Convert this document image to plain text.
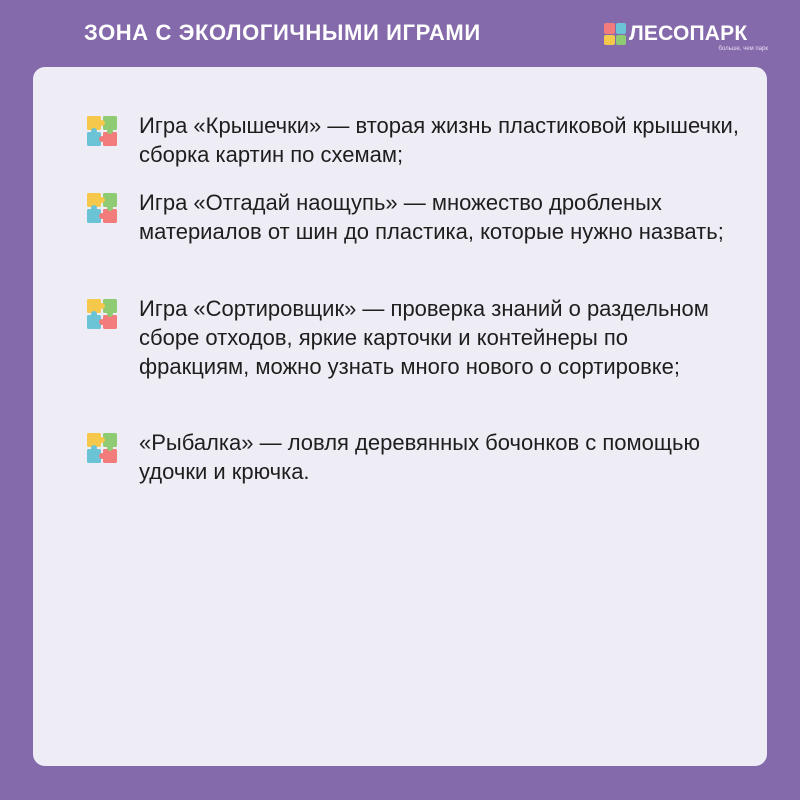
ЗОНА С ЭКОЛОГИЧНЫМИ ИГРАМИ	ЛЕСОПАРК
больше, чем парк

Игра «Крышечки» — вторая жизнь пластиковой крышечки, сборка картин по схемам;

Игра «Отгадай наощупь» — множество дробленых материалов от шин до пластика, которые нужно назвать;

Игра «Сортировщик» — проверка знаний о раздельном сборе отходов, яркие карточки и контейнеры по фракциям, можно узнать много нового о сортировке;

«Рыбалка» — ловля деревянных бочонков с помощью удочки и крючка.
